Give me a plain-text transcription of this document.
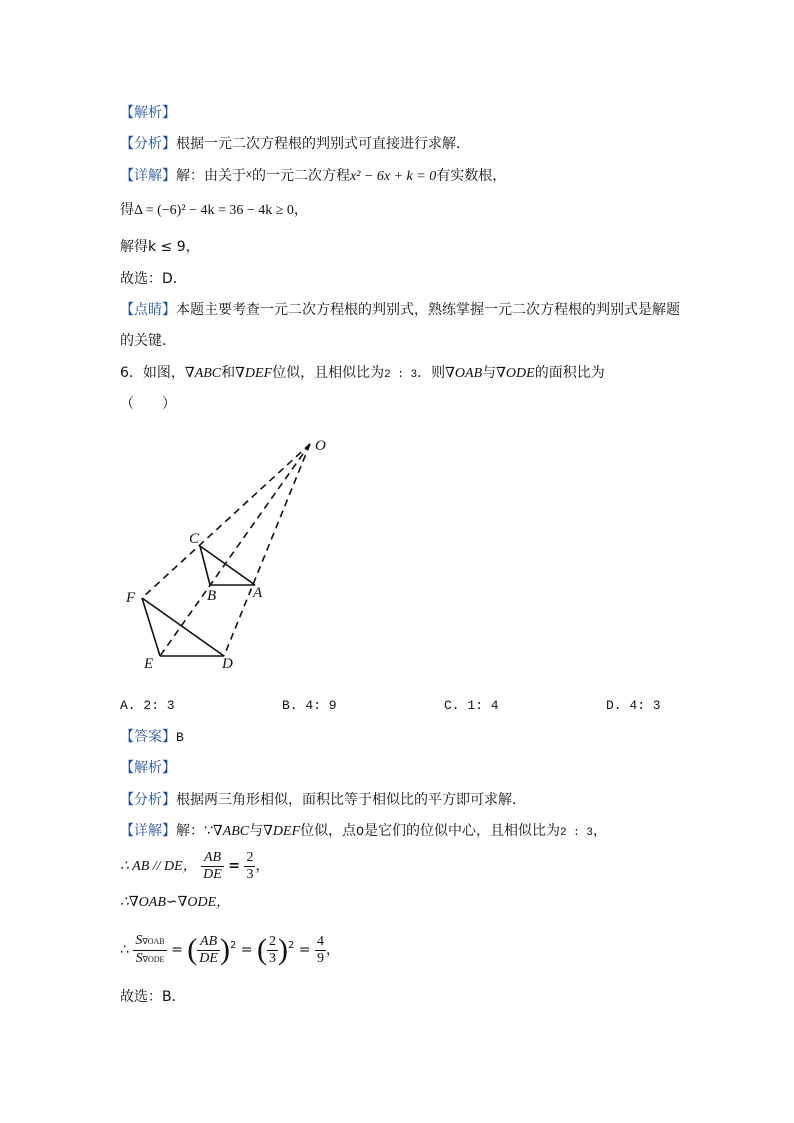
【解析】
【分析】根据一元二次方程根的判别式可直接进行求解．
【详解】解：由关于$^x$的一元二次方程x² − 6x + k = 0有实数根，
得Δ = (−6)² − 4k = 36 − 4k ≥ 0，
解得k ≤ 9，
故选：D．
【点睛】本题主要考查一元二次方程根的判别式，熟练掌握一元二次方程根的判别式是解题
的关键．
6．如图，∇ABC和∇DEF位似，且相似比为2 : 3．则∇OAB与∇ODE的面积比为
（　　）
O
C
B A
F
E	D
A. 2: 3	B. 4: 9	C. 1: 4	D. 4: 3
【答案】B
【解析】
【分析】根据两三角形相似，面积比等于相似比的平方即可求解．
【详解】解：∵∇ABC与∇DEF位似，点O是它们的位似中心，且相似比为2 : 3，
∴ AB // DE， $\frac{AB}{DE} = \frac{2}{3}$ ，
∴∇OAB∽∇ODE，
∴ $\frac{\text{S∇OAB}}{\text{S∇ODE}}$ = ( $\frac{AB}{DE} )^2$ = ( $\frac{2}{3} )^2 = \frac{4}{9}$ ，
故选：B．
